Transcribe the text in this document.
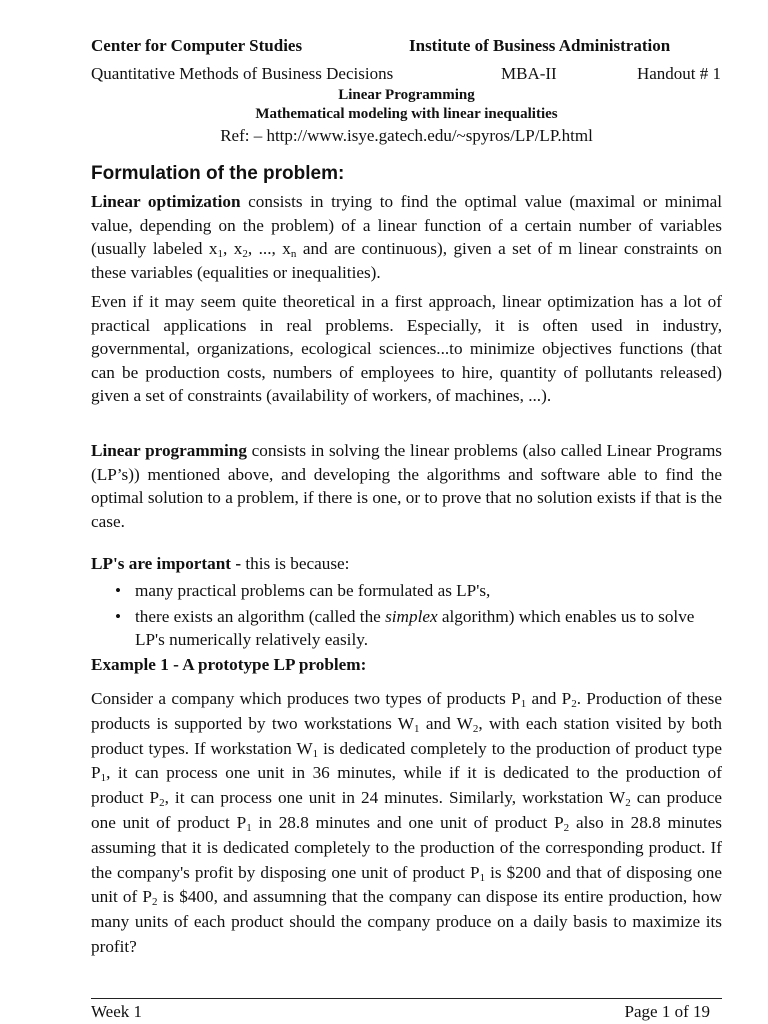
Center for Computer Studies	Institute of Business Administration
Quantitative Methods of Business Decisions	MBA-II	Handout # 1
Linear Programming
Mathematical modeling with linear inequalities
Ref: – http://www.isye.gatech.edu/~spyros/LP/LP.html
Formulation of the problem:

Linear optimization consists in trying to find the optimal value (maximal or minimal value, depending on the problem) of a linear function of a certain number of variables (usually labeled $x_1$, $x_2$, ..., $x_n$ and are continuous), given a set of m linear constraints on these variables (equalities or inequalities).

Even if it may seem quite theoretical in a first approach, linear optimization has a lot of practical applications in real problems. Especially, it is often used in industry, governmental, organizations, ecological sciences...to minimize objectives functions (that can be production costs, numbers of employees to hire, quantity of pollutants released) given a set of constraints (availability of workers, of machines, ...).

Linear programming consists in solving the linear problems (also called Linear Programs (LP’s)) mentioned above, and developing the algorithms and software able to find the optimal solution to a problem, if there is one, or to prove that no solution exists if that is the case.

LP's are important - this is because:

• many practical problems can be formulated as LP's,
• there exists an algorithm (called the simplex algorithm) which enables us to solve LP's numerically relatively easily.
Example 1 - A prototype LP problem:

Consider a company which produces two types of products $P_1$ and $P_2$. Production of these products is supported by two workstations $W_1$ and $W_2$, with each station visited by both product types. If workstation $W_1$ is dedicated completely to the production of product type $P_1$, it can process one unit in 36 minutes, while if it is dedicated to the production of product $P_2$, it can process one unit in 24 minutes. Similarly, workstation $W_2$ can produce one unit of product $P_1$ in 28.8 minutes and one unit of product $P_2$ also in 28.8 minutes assuming that it is dedicated completely to the production of the corresponding product. If the company's profit by disposing one unit of product $P_1$ is $200 and that of disposing one unit of $P_2$ is $400, and assumning that the company can dispose its entire production, how many units of each product should the company produce on a daily basis to maximize its profit?

Week 1	Page 1 of 19
